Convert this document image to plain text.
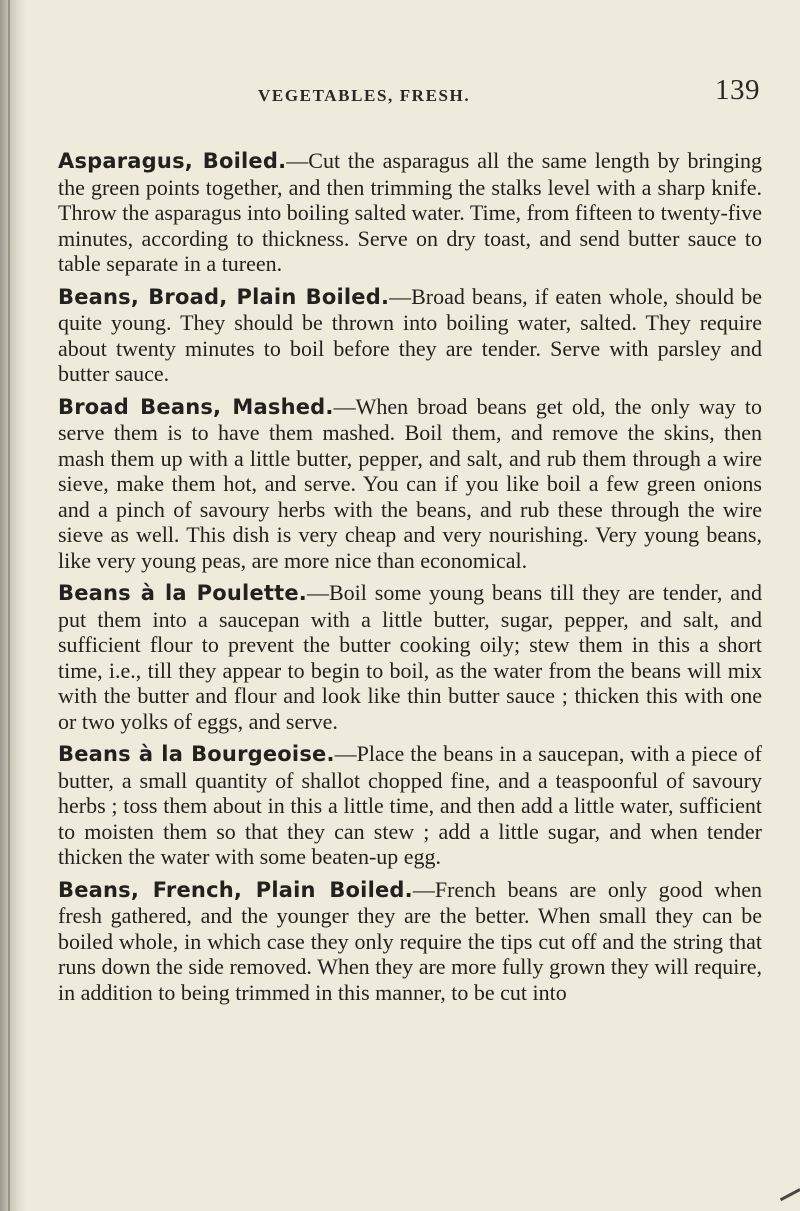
VEGETABLES, FRESH.	139

Asparagus, Boiled.—Cut the asparagus all the same length by bringing the green points together, and then trimming the stalks level with a sharp knife. Throw the asparagus into boiling salted water. Time, from fifteen to twenty-five minutes, according to thickness. Serve on dry toast, and send butter sauce to table separate in a tureen.

Beans, Broad, Plain Boiled.—Broad beans, if eaten whole, should be quite young. They should be thrown into boiling water, salted. They require about twenty minutes to boil before they are tender. Serve with parsley and butter sauce.

Broad Beans, Mashed.—When broad beans get old, the only way to serve them is to have them mashed. Boil them, and remove the skins, then mash them up with a little butter, pepper, and salt, and rub them through a wire sieve, make them hot, and serve. You can if you like boil a few green onions and a pinch of savoury herbs with the beans, and rub these through the wire sieve as well. This dish is very cheap and very nourishing. Very young beans, like very young peas, are more nice than economical.

Beans à la Poulette.—Boil some young beans till they are tender, and put them into a saucepan with a little butter, sugar, pepper, and salt, and sufficient flour to prevent the butter cooking oily; stew them in this a short time, i.e., till they appear to begin to boil, as the water from the beans will mix with the butter and flour and look like thin butter sauce ; thicken this with one or two yolks of eggs, and serve.

Beans à la Bourgeoise.—Place the beans in a saucepan, with a piece of butter, a small quantity of shallot chopped fine, and a teaspoonful of savoury herbs ; toss them about in this a little time, and then add a little water, sufficient to moisten them so that they can stew ; add a little sugar, and when tender thicken the water with some beaten-up egg.

Beans, French, Plain Boiled.—French beans are only good when fresh gathered, and the younger they are the better. When small they can be boiled whole, in which case they only require the tips cut off and the string that runs down the side removed. When they are more fully grown they will require, in addition to being trimmed in this manner, to be cut into
